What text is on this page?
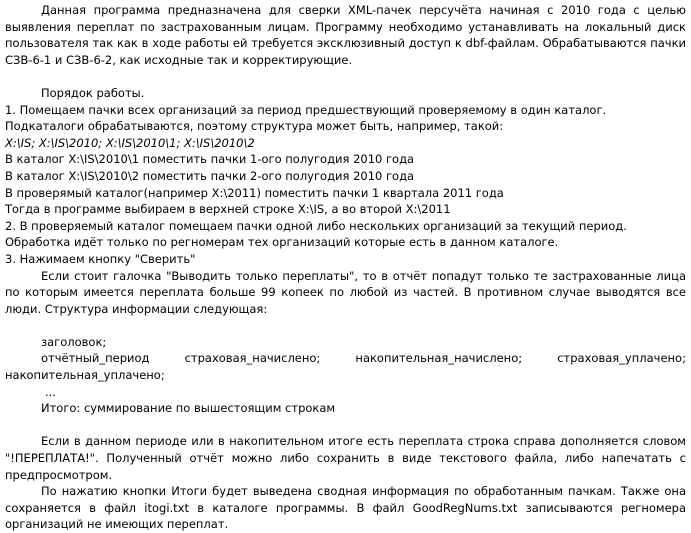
Данная программа предназначена для сверки XML-пачек персучёта начиная с 2010 года с целью выявления переплат по застрахованным лицам. Программу необходимо устанавливать на локальный диск пользователя так как в ходе работы ей требуется эксклюзивный доступ к dbf-файлам. Обрабатываются пачки СЗВ-6-1 и СЗВ-6-2, как исходные так и корректирующие.

Порядок работы.

1. Помещаем пачки всех организаций за период предшествующий проверяемому в один каталог.
Подкаталоги обрабатываются, поэтому структура может быть, например, такой:
X:\IS; X:\IS\2010; X:\IS\2010\1; X:\IS\2010\2
В каталог X:\IS\2010\1 поместить пачки 1-ого полугодия 2010 года
В каталог X:\IS\2010\2 поместить пачки 2-ого полугодия 2010 года
В проверямый каталог(например X:\2011) поместить пачки 1 квартала 2011 года
Тогда в программе выбираем в верхней строке X:\IS, а во второй X:\2011
2. В проверяемый каталог помещаем пачки одной либо нескольких организаций за текущий период.
Обработка идёт только по регномерам тех организаций которые есть в данном каталоге.
3. Нажимаем кнопку "Сверить"

Если стоит галочка "Выводить только переплаты", то в отчёт попадут только те застрахованные лица по которым имеется переплата больше 99 копеек по любой из частей. В противном случае выводятся все люди. Структура информации следующая:

заголовок;
отчётный_период	страховая_начислено;	накопительная_начислено;	страховая_уплачено;
накопительная_уплачено;
...
Итого: суммирование по вышестоящим строкам

Если в данном периоде или в накопительном итоге есть переплата строка справа дополняется словом "!ПЕРЕПЛАТА!". Полученный отчёт можно либо сохранить в виде текстового файла, либо напечатать с предпросмотром.

По нажатию кнопки Итоги будет выведена сводная информация по обработанным пачкам. Также она сохраняется в файл itogi.txt в каталоге программы. В файл GoodRegNums.txt записываются регномера организаций не имеющих переплат.
